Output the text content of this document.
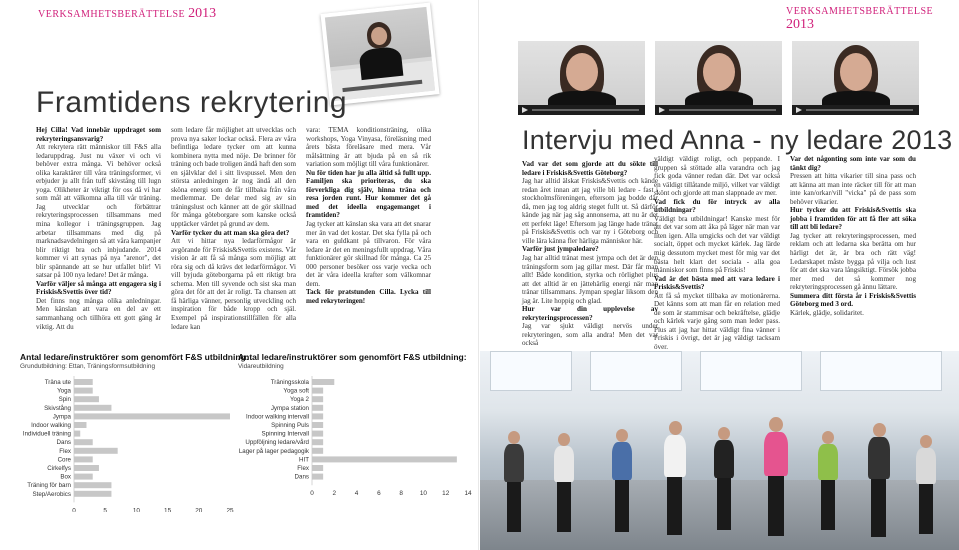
VERKSAMHETSBERÄTTELSE 2013	VERKSAMHETSBERÄTTELSE 2013
Framtidens rekrytering
Intervju med Anna - ny ledare 2013

Hej Cilla! Vad innebär uppdraget som rekryteringsansvarig?

Att rekrytera rätt människor till F&S alla ledaruppdrag. Just nu växer vi och vi behöver extra många. Vi behöver också olika karaktärer till våra träningsformer, vi erbjuder ju allt från tuff skivstång till lugn yoga. Olikheter är viktigt för oss då vi har som mål att välkomna alla till vår träning. Jag utvecklar och förbättrar rekryteringsprocessen tillsammans med mina kollegor i träningsgruppen. Jag arbetar tillsammans med dig på marknadsavdelningen så att våra kampanjer blir riktigt bra och inbjudande. 2014 kommer vi att synas på nya "arenor", det blir spännande att se hur utfallet blir! Vi satsar på 100 nya ledare! Det är många.

Varför väljer så många att engagera sig i Friskis&Svettis över tid?

Det finns nog många olika anledningar. Men känslan att vara en del av ett sammanhang och tillhöra ett gott gäng är viktig. Att du

som ledare får möjlighet att utvecklas och prova nya saker lockar också. Flera av våra befintliga ledare tycker om att kunna kombinera nytta med nöje. De brinner för träning och bade troligen ändå haft den som en självklar del i sitt livspussel. Men den största anledningen är nog ändå all den sköna energi som de får tillbaka från våra medlemmar. De delar med sig av sin träningslust och känner att de gör skillnad för många göteborgare som kanske också upptäcker värdet på grund av dem.

Varför tycker du att man ska göra det?

Att vi hittar nya ledarförmågor är avgörande för Friskis&Svettis existens. Vår vision är att få så många som möjligt att röra sig och då krävs det ledarförmågor. Vi vill byjuda göteborgarna på ett riktigt bra schema. Men till syvende och sist ska man göra det för att det är roligt. Ta chansen att få härliga vänner, personlig utveckling och inspiration för både kropp och själ. Exempel på inspirationstillfällen för alla ledare kan

vara: TEMA konditionsträning, olika workshops, Yoga Vinyasa, föreläsning med årets bästa föreläsare med mera. Vår målsättning är att bjuda på en så rik variation som möjligt till våra funktionärer.

Nu för tiden har ju alla ältid så fullt upp. Familjen ska prioriteras, du ska förverkliga dig själv, hinna träna och resa jorden runt. Hur kommer det gå med det ideella engagemanget i framtiden?

Jag tycker att känslan ska vara att det snarar mer än vad det kostar. Det ska fylla på och vara en guldkant på tillvaron. För våra ledare är det en meningsfullt uppdrag. Våra funktionärer gör skillnad för många. Ca 25 000 personer besöker oss varje vecka och det är våra ideella krafter som välkomnar dem.

Tack för pratstunden Cilla. Lycka till med rekryteringen!

Vad var det som gjorde att du sökte till ledare i Friskis&Svettis Göteborg?

Jag har alltid älskat Friskis&Svettis och kände redan året innan att jag ville bli ledare - fast i stockholmsföreningen, eftersom jag bodde där då, men jag tog aldrig steget fullt ut. Så därför kände jag när jag såg annonserna, att nu är det ett perfekt läge! Eftersom jag länge hade tränat på Friskis&Svettis och var ny i Göteborg och ville lära känna fler härliga människor här.

Varför just jympaledare?

Jag har alltid tränat mest jympa och det är den träningsform som jag gillar mest. Där får man allt! Både kondition, styrka och rörlighet plus att det alltid är en jättehärlig energi när man tränar tillsammans. Jympan speglar liksom den jag är. Lite hoppig och glad.

Hur var din upplevelse av rekryteringsprocessen?

Jag var sjukt väldigt nervös under rekryteringen, som alla andra! Men det var också

väldigt väldigt roligt, och peppande. I gruppen så stöttade alla varandra och jag fick goda vänner redan där. Det var också en väldigt tillåtande miljö, vilket var väldigt skönt och gjorde att man slappnade av mer.

Vad fick du för intryck av alla utbildningar?

Väldigt bra utbildningar! Kanske mest för att det var som att åka på läger när man var liten igen. Alla umgicks och det var väldigt socialt, öppet och mycket kärlek. Jag lärde mig dessutom mycket mest för mig var det bästa helt klart det sociala - alla goa människor som finns på Friskis!

Vad är det bästa med att vara ledare i Friskis&Svettis?

Att få så mycket tillbaka av motionärerna. Det känns som att man får en relation med de som är stammisar och bekräftelse, glädje och kärlek varje gång som man leder pass. Plus att jag har hittat väldigt fina vänner i Friskis i övrigt, det är jag väldigt tacksam över.

Var det någonting som inte var som du tänkt dig?

Pressen att hitta vikarier till sina pass och att känna att man inte räcker till för att man inte kan/orkar/vill "vicka" på de pass som behöver vikarier.

Hur tycker du att Friskis&Svettis ska jobba i framtiden för att få fler att söka till att bli ledare?

Jag tycker att rekryteringsprocessen, med reklam och att ledarna ska berätta om hur härligt det är, är bra och rätt väg! Ledarskapet måste bygga på vilja och lust för att det ska vara långsiktigt. Försök jobba mer med det så kommer nog rekryteringsprocessen gå ännu lättare.

Summera ditt första år i Friskis&Svettis Göteborg med 3 ord.

Kärlek, glädje, solidaritet.

Antal ledare/instruktörer som genomfört F&S utbildning:
Grundutbildning: Ettan, Träningsformsutbildning
Träna ute
Yoga
Spin
Skivstång
Jympa
Indoor walking
Individuell träning
Dans
Flex
Core
Cirkelfys
Box
Träning för barn
Step/Aerobics
0	5	10	15	20	25
Antal ledare/instruktörer som genomfört F&S utbildning:
Vidareutbildning
Träningsskola
Yoga soft
Yoga 2
Jympa station
Indoor walking intervall
Spinning Puls
Spinning Intervall
Uppföljning ledare/vård
Lager på lager pedagogik
HIT
Flex
Dans
0	2	4	6	8	10 12 14
